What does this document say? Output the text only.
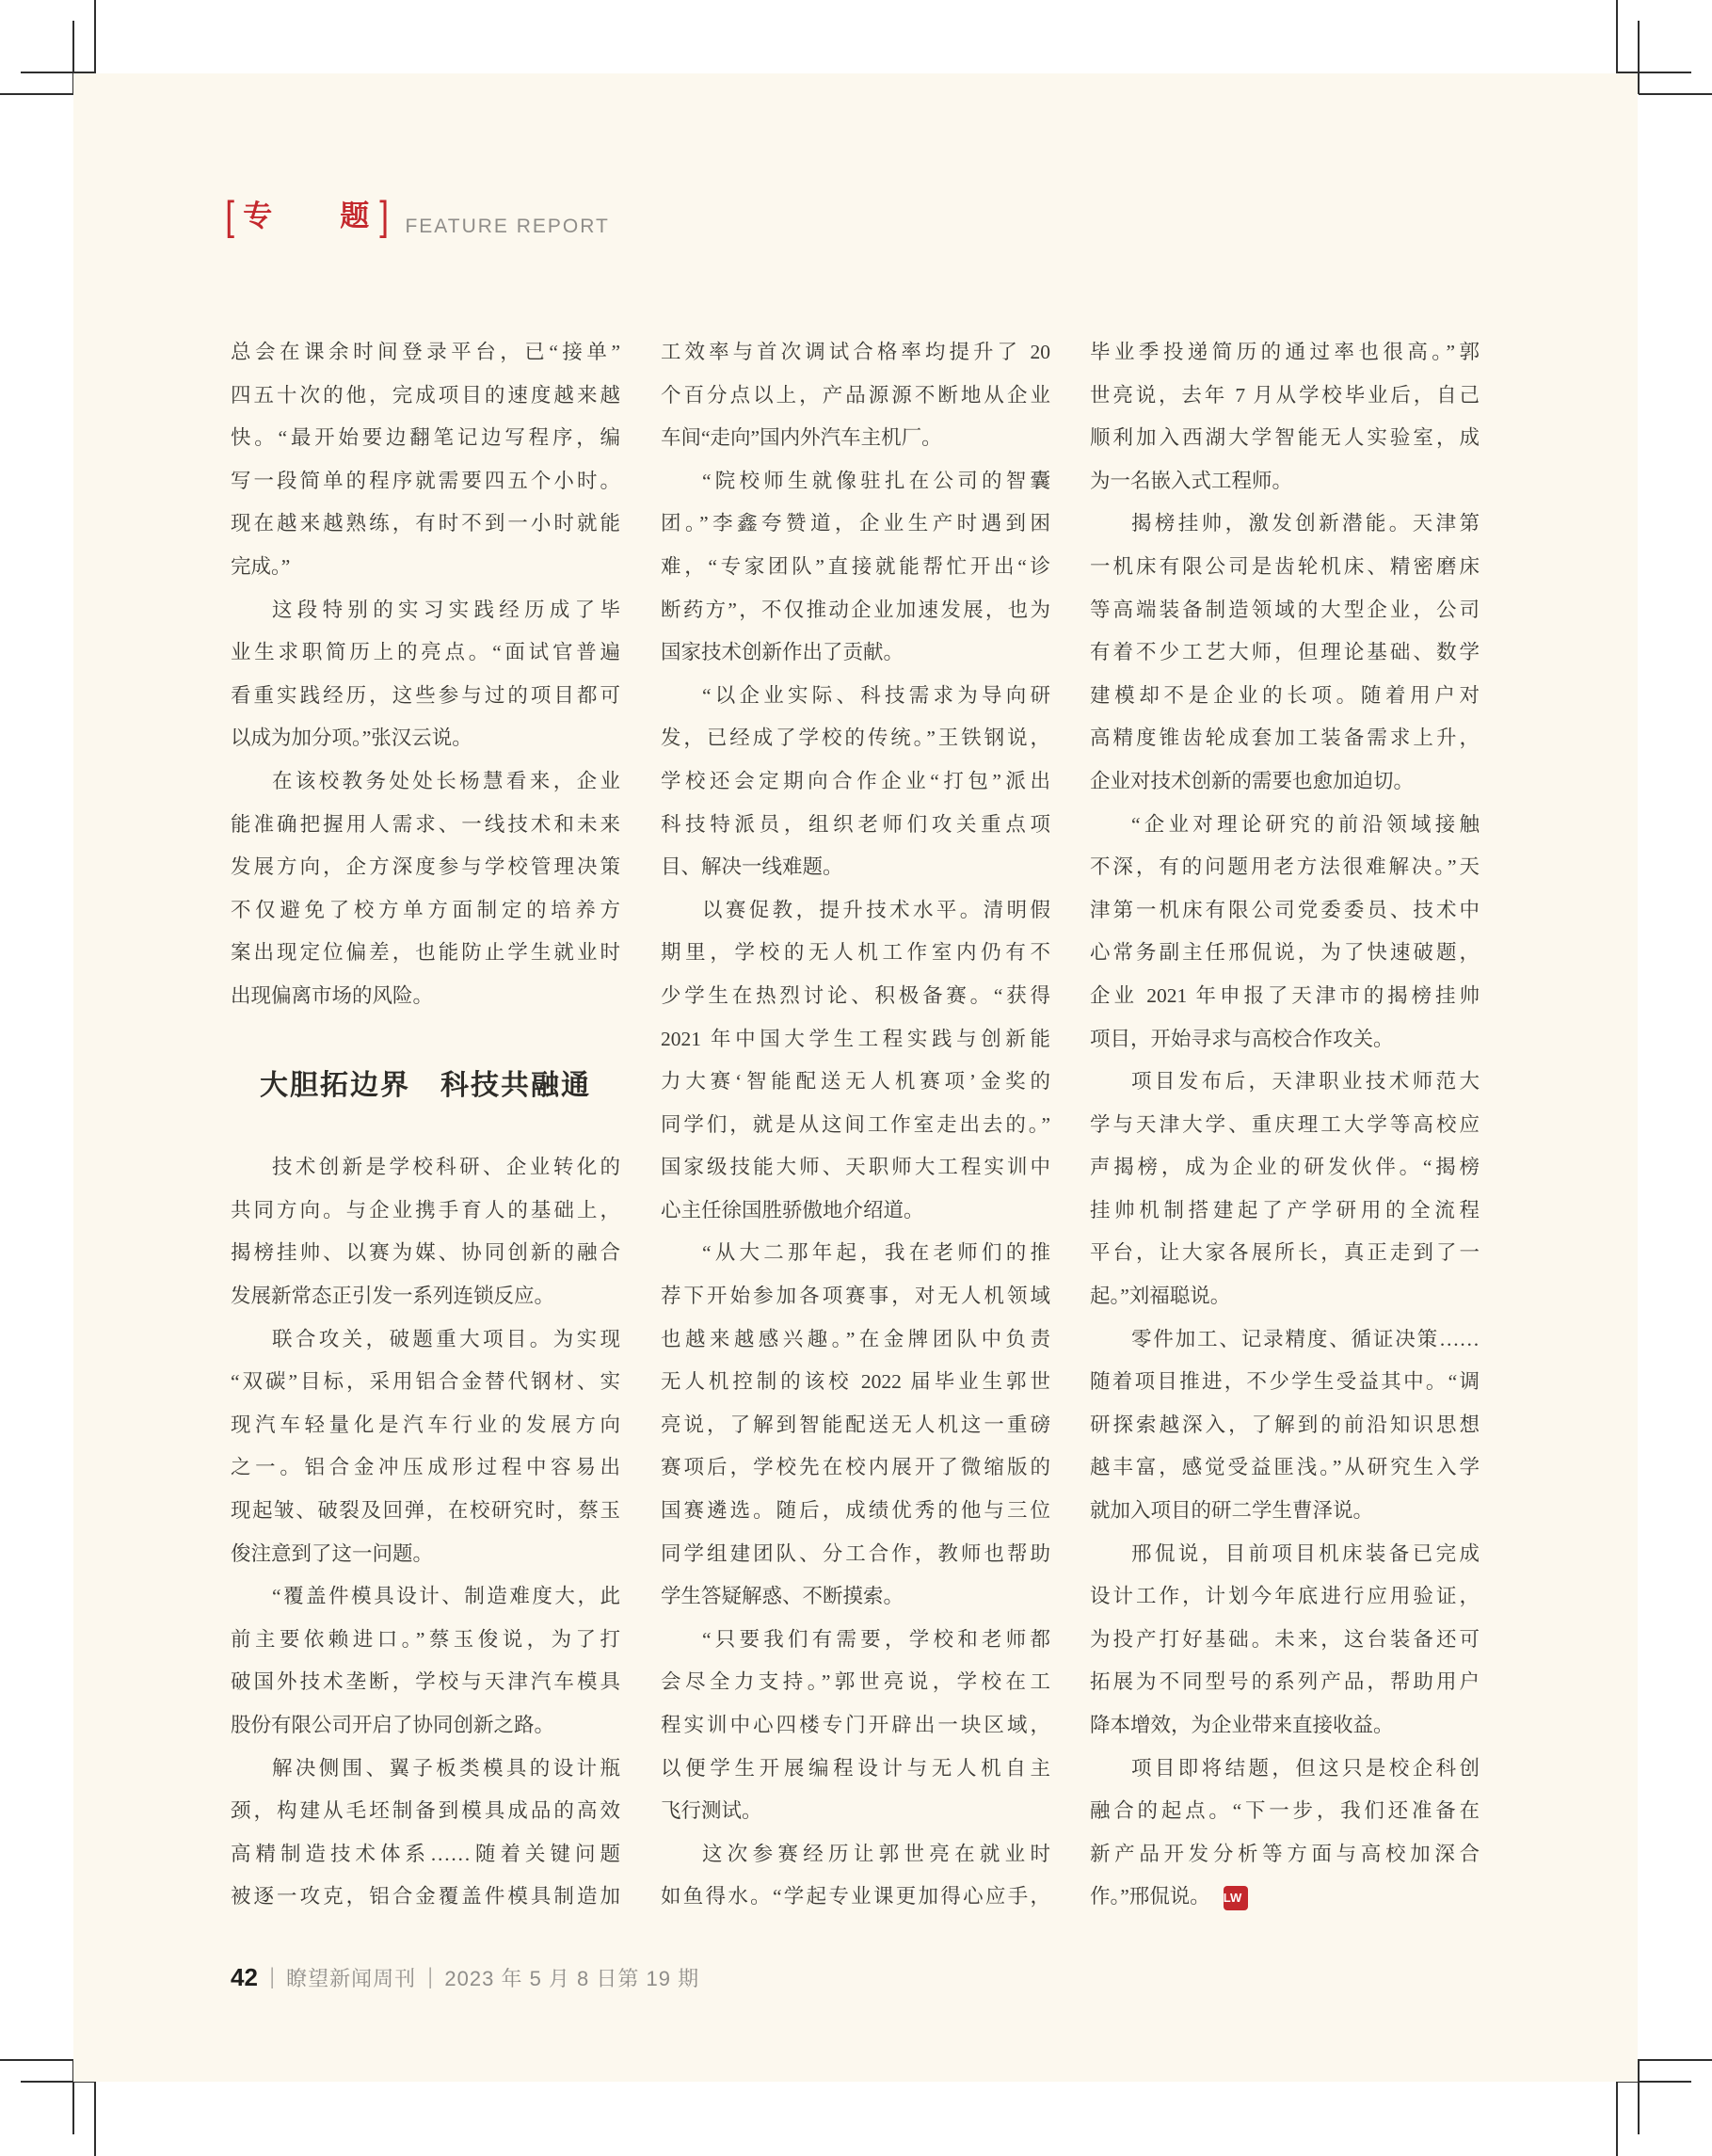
[ 专 题 ] FEATURE REPORT
总会在课余时间登录平台，已“接单”
四五十次的他，完成项目的速度越来越
快。“最开始要边翻笔记边写程序，编
写一段简单的程序就需要四五个小时。
现在越来越熟练，有时不到一小时就能
完成。”
这段特别的实习实践经历成了毕
业生求职简历上的亮点。“面试官普遍
看重实践经历，这些参与过的项目都可
以成为加分项。”张汉云说。
在该校教务处处长杨慧看来，企业
能准确把握用人需求、一线技术和未来
发展方向，企方深度参与学校管理决策
不仅避免了校方单方面制定的培养方
案出现定位偏差，也能防止学生就业时
出现偏离市场的风险。
大胆拓边界　科技共融通
技术创新是学校科研、企业转化的
共同方向。与企业携手育人的基础上，
揭榜挂帅、以赛为媒、协同创新的融合
发展新常态正引发一系列连锁反应。
联合攻关，破题重大项目。为实现
“双碳”目标，采用铝合金替代钢材、实
现汽车轻量化是汽车行业的发展方向
之一。铝合金冲压成形过程中容易出
现起皱、破裂及回弹，在校研究时，蔡玉
俊注意到了这一问题。
“覆盖件模具设计、制造难度大，此
前主要依赖进口。”蔡玉俊说，为了打
破国外技术垄断，学校与天津汽车模具
股份有限公司开启了协同创新之路。
解决侧围、翼子板类模具的设计瓶
颈，构建从毛坯制备到模具成品的高效
高精制造技术体系……随着关键问题
被逐一攻克，铝合金覆盖件模具制造加
工效率与首次调试合格率均提升了 20
个百分点以上，产品源源不断地从企业
车间“走向”国内外汽车主机厂。
“院校师生就像驻扎在公司的智囊
团。”李鑫夸赞道，企业生产时遇到困
难，“专家团队”直接就能帮忙开出“诊
断药方”，不仅推动企业加速发展，也为
国家技术创新作出了贡献。
“以企业实际、科技需求为导向研
发，已经成了学校的传统。”王铁钢说，
学校还会定期向合作企业“打包”派出
科技特派员，组织老师们攻关重点项
目、解决一线难题。
以赛促教，提升技术水平。清明假
期里，学校的无人机工作室内仍有不
少学生在热烈讨论、积极备赛。“获得
2021 年中国大学生工程实践与创新能
力大赛‘智能配送无人机赛项’金奖的
同学们，就是从这间工作室走出去的。”
国家级技能大师、天职师大工程实训中
心主任徐国胜骄傲地介绍道。
“从大二那年起，我在老师们的推
荐下开始参加各项赛事，对无人机领域
也越来越感兴趣。”在金牌团队中负责
无人机控制的该校 2022 届毕业生郭世
亮说，了解到智能配送无人机这一重磅
赛项后，学校先在校内展开了微缩版的
国赛遴选。随后，成绩优秀的他与三位
同学组建团队、分工合作，教师也帮助
学生答疑解惑、不断摸索。
“只要我们有需要，学校和老师都
会尽全力支持。”郭世亮说，学校在工
程实训中心四楼专门开辟出一块区域，
以便学生开展编程设计与无人机自主
飞行测试。
这次参赛经历让郭世亮在就业时
如鱼得水。“学起专业课更加得心应手，
毕业季投递简历的通过率也很高。”郭
世亮说，去年 7 月从学校毕业后，自己
顺利加入西湖大学智能无人实验室，成
为一名嵌入式工程师。
揭榜挂帅，激发创新潜能。天津第
一机床有限公司是齿轮机床、精密磨床
等高端装备制造领域的大型企业，公司
有着不少工艺大师，但理论基础、数学
建模却不是企业的长项。随着用户对
高精度锥齿轮成套加工装备需求上升，
企业对技术创新的需要也愈加迫切。
“企业对理论研究的前沿领域接触
不深，有的问题用老方法很难解决。”天
津第一机床有限公司党委委员、技术中
心常务副主任邢侃说，为了快速破题，
企业 2021 年申报了天津市的揭榜挂帅
项目，开始寻求与高校合作攻关。
项目发布后，天津职业技术师范大
学与天津大学、重庆理工大学等高校应
声揭榜，成为企业的研发伙伴。“揭榜
挂帅机制搭建起了产学研用的全流程
平台，让大家各展所长，真正走到了一
起。”刘福聪说。
零件加工、记录精度、循证决策……
随着项目推进，不少学生受益其中。“调
研探索越深入，了解到的前沿知识思想
越丰富，感觉受益匪浅。”从研究生入学
就加入项目的研二学生曹泽说。
邢侃说，目前项目机床装备已完成
设计工作，计划今年底进行应用验证，
为投产打好基础。未来，这台装备还可
拓展为不同型号的系列产品，帮助用户
降本增效，为企业带来直接收益。
项目即将结题，但这只是校企科创
融合的起点。“下一步，我们还准备在
新产品开发分析等方面与高校加深合
作。”邢侃说。 LW
42 | 瞭望新闻周刊 | 2023 年 5 月 8 日第 19 期
